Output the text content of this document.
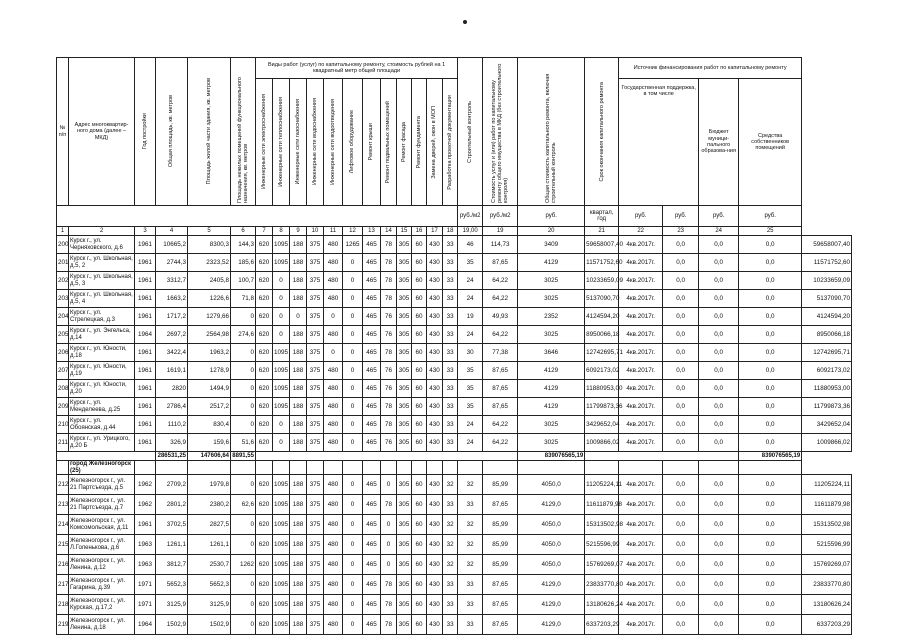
№ п/п	Адрес многоквартир-ного дома (далее – МКД)	Год постройки	Общая площадь, кв. метров	Площадь жилой части здания, кв. метров	Площадь нежилых помещений функционального назначения, кв. метров	Виды работ (услуг) по капитальному ремонту, стоимость рублей на 1 квадратный метр общей площади												Строительный контроль	Стоимость услуг и (или) работ по капитальному ремонту общего имущества в МКД (без строительного контроля)	Общая стоимость капитального ремонта, включая строительный контроль	Срок окончания капитального ремонта	Источник финансирования работ по капитальному ремонту				

						Инженерные сети электроснабжения	Инженерные сети теплоснабжения	Инженерные сети газоснабжения	Инженерные сети водоснабжения	Инженерные сети водоотведения	Лифтовое оборудование	Ремонт крыши	Ремонт подвальных помещений	Ремонт фасада	Ремонт фундамента	Замена дверей, окон в МОП	Разработка проектной документации					Государственная поддержка, в том числе		Бюджет муници-пального образова-ния	Средства собственников помещений	
																		руб./м2	руб./м2	руб.	квартал, год	руб.	руб.	руб.	руб.	
1	2	3	4	5	6	7	8	9	10	11	12	13	14	15	16	17	18	19,00	19	20	21	22	23	24	25	
200	Курск г., ул. Черняховского, д.6	1961	10665,2	8300,3	144,3	620	1095	188	375	480	1265	465	78	305	60	430	33	46	114,73	3409	59658007,40	4кв.2017г.	0,0	0,0	0,0	59658007,40
201	Курск г., ул. Школьная, д.5, 2	1961	2744,3	2323,52	185,6	620	1095	188	375	480	0	465	78	305	60	430	33	35	87,65	4129	11571752,60	4кв.2017г.	0,0	0,0	0,0	11571752,60
202	Курск г., ул. Школьная, д.5, 3	1961	3312,7	2405,8	100,7	620	0	188	375	480	0	465	78	305	60	430	33	24	64,22	3025	10233659,09	4кв.2017г.	0,0	0,0	0,0	10233659,09
203	Курск г., ул. Школьная, д.5, 4	1961	1663,2	1226,6	71,8	620	0	188	375	480	0	465	78	305	60	430	33	24	64,22	3025	5137090,70	4кв.2017г.	0,0	0,0	0,0	5137090,70
204	Курск г., ул. Стрелецкая, д.3	1961	1717,2	1279,66	0	620	0	0	375	0	0	465	76	305	60	430	33	19	49,93	2352	4124594,20	4кв.2017г.	0,0	0,0	0,0	4124594,20
205	Курск г., ул. Энгельса, д.14	1964	2697,2	2564,98	274,6	620	0	188	375	480	0	465	76	305	60	430	33	24	64,22	3025	8950066,18	4кв.2017г.	0,0	0,0	0,0	8950066,18
206	Курск г., ул. Юности, д.18	1961	3422,4	1963,2	0	620	1095	188	375	0	0	465	78	305	60	430	33	30	77,38	3646	12742695,71	4кв.2017г.	0,0	0,0	0,0	12742695,71
207	Курск г., ул. Юности, д.19	1961	1619,1	1278,9	0	620	1095	188	375	480	0	465	76	305	60	430	33	35	87,65	4129	6092173,02	4кв.2017г.	0,0	0,0	0,0	6092173,02
208	Курск г., ул. Юности, д.20	1961	2820	1494,9	0	620	1095	188	375	480	0	465	76	305	60	430	33	35	87,65	4129	11880953,00	4кв.2017г.	0,0	0,0	0,0	11880953,00
209	Курск г., ул. Менделеева, д.25	1961	2786,4	2517,2	0	620	1095	188	375	480	0	465	78	305	60	430	33	35	87,65	4129	11799873,36	4кв.2017г.	0,0	0,0	0,0	11799873,36
210	Курск г., ул. Обоянская, д.44	1961	1110,2	830,4	0	620	0	188	375	480	0	465	78	305	60	430	33	24	64,22	3025	3429652,04	4кв.2017г.	0,0	0,0	0,0	3429652,04
211	Курск г., ул. Урицкого, д.20 Б	1961	326,9	159,6	51,6	620	0	188	375	480	0	465	76	305	60	430	33	24	64,22	3025	1009866,02	4кв.2017г.	0,0	0,0	0,0	1009866,02
			286531,25	147606,64	8891,55															839076565,19					839076565,19	
	город Железногорск (25)																									
212	Железногорск г., ул. 21 Партсъезда, д.5	1962	2709,2	1979,8	0	620	1095	188	375	480	0	465	0	305	60	430	32	32	85,99	4050,0	11205224,11	4кв.2017г.	0,0	0,0	0,0	11205224,11
213	Железногорск г., ул. 21 Партсъезда, д.7	1962	2801,2	2380,2	62,6	620	1095	188	375	480	0	465	78	305	60	430	33	33	87,65	4129,0	11611879,98	4кв.2017г.	0,0	0,0	0,0	11611879,98
214	Железногорск г., ул. Комсомольская, д.11	1961	3702,5	2827,5	0	620	1095	188	375	480	0	465	0	305	60	430	32	32	85,99	4050,0	15313502,98	4кв.2017г.	0,0	0,0	0,0	15313502,98
215	Железногорск г., ул. Л.Голенькова, д.6	1963	1261,1	1261,1	0	620	1095	188	375	480	0	465	0	305	60	430	32	32	85,99	4050,0	5215596,99	4кв.2017г.	0,0	0,0	0,0	5215596,99
216	Железногорск г., ул. Ленина, д.12	1963	3812,7	2530,7	1262	620	1095	188	375	480	0	465	0	305	60	430	32	32	85,99	4050,0	15769269,07	4кв.2017г.	0,0	0,0	0,0	15769269,07
217	Железногорск г., ул. Гагарина, д.39	1971	5652,3	5652,3	0	620	1095	188	375	480	0	465	78	305	60	430	33	33	87,65	4129,0	23833770,80	4кв.2017г.	0,0	0,0	0,0	23833770,80
218	Железногорск г., ул. Курская, д.17,2	1971	3125,9	3125,9	0	620	1095	188	375	480	0	465	78	305	60	430	33	33	87,65	4129,0	13180626,24	4кв.2017г.	0,0	0,0	0,0	13180626,24
219	Железногорск г., ул. Ленина, д.18	1964	1502,9	1502,9	0	620	1095	188	375	480	0	465	78	305	60	430	33	33	87,65	4129,0	6337203,29	4кв.2017г.	0,0	0,0	0,0	6337203,29
